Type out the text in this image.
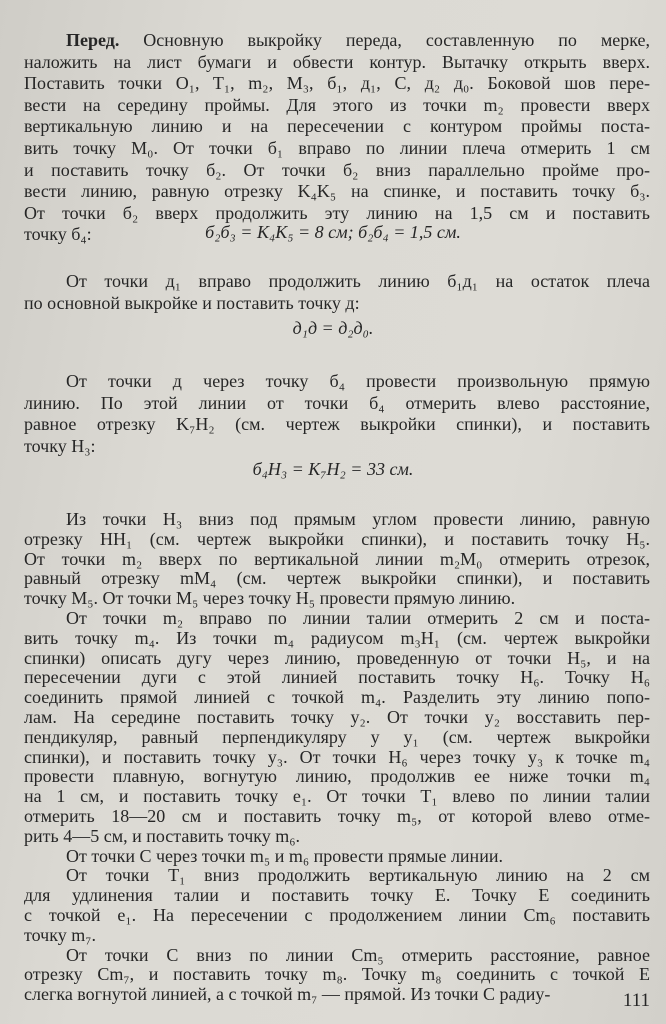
Перед. Основную выкройку переда, составленную по мерке,
наложить на лист бумаги и обвести контур. Вытачку открыть вверх.
Поставить точки O₁, T₁, m₂, M₃, б₁, д₁, C, д₂ д₀. Боковой шов пере-
вести на середину проймы. Для этого из точки m₂ провести вверх
вертикальную линию и на пересечении с контуром проймы поста-
вить точку M₀. От точки б₁ вправо по линии плеча отмерить 1 см
и поставить точку б₂. От точки б₂ вниз параллельно пройме про-
вести линию, равную отрезку K₄K₅ на спинке, и поставить точку б₃.
От точки б₂ вверх продолжить эту линию на 1,5 см и поставить
точку б₄:	б₂б₃ = K₄K₅ = 8 см; б₂б₄ = 1,5 см.
От точки д₁ вправо продолжить линию б₁д₁ на остаток плеча
по основной выкройке и поставить точку д:
д₁д = д₂д₀.
От точки д через точку б₄ провести произвольную прямую
линию. По этой линии от точки б₄ отмерить влево расстояние,
равное отрезку K₇H₂ (см. чертеж выкройки спинки), и поставить
точку H₃:
б₄H₃ = K₇H₂ = 33 см.
Из точки H₃ вниз под прямым углом провести линию, равную
отрезку HH₁ (см. чертеж выкройки спинки), и поставить точку H₅.
От точки m₂ вверх по вертикальной линии m₂M₀ отмерить отрезок,
равный отрезку mM₄ (см. чертеж выкройки спинки), и поставить
точку M₅. От точки M₅ через точку H₅ провести прямую линию.
От точки m₂ вправо по линии талии отмерить 2 см и поста-
вить точку m₄. Из точки m₄ радиусом m₃H₁ (см. чертеж выкройки
спинки) описать дугу через линию, проведенную от точки H₅, и на
пересечении дуги с этой линией поставить точку H₆. Точку H₆
соединить прямой линией с точкой m₄. Разделить эту линию попо-
лам. На середине поставить точку у₂. От точки у₂ восставить пер-
пендикуляр, равный перпендикуляру у у₁ (см. чертеж выкройки
спинки), и поставить точку у₃. От точки H₆ через точку у₃ к точке m₄
провести плавную, вогнутую линию, продолжив ее ниже точки m₄
на 1 см, и поставить точку e₁. От точки T₁ влево по линии талии
отмерить 18—20 см и поставить точку m₅, от которой влево отме-
рить 4—5 см, и поставить точку m₆.
От точки C через точки m₅ и m₆ провести прямые линии.
От точки T₁ вниз продолжить вертикальную линию на 2 см
для удлинения талии и поставить точку E. Точку E соединить
с точкой e₁. На пересечении с продолжением линии Cm₆ поставить
точку m₇.
От точки C вниз по линии Cm₅ отмерить расстояние, равное
отрезку Cm₇, и поставить точку m₈. Точку m₈ соединить с точкой E
слегка вогнутой линией, а с точкой m₇ — прямой. Из точки C радиу-	111
